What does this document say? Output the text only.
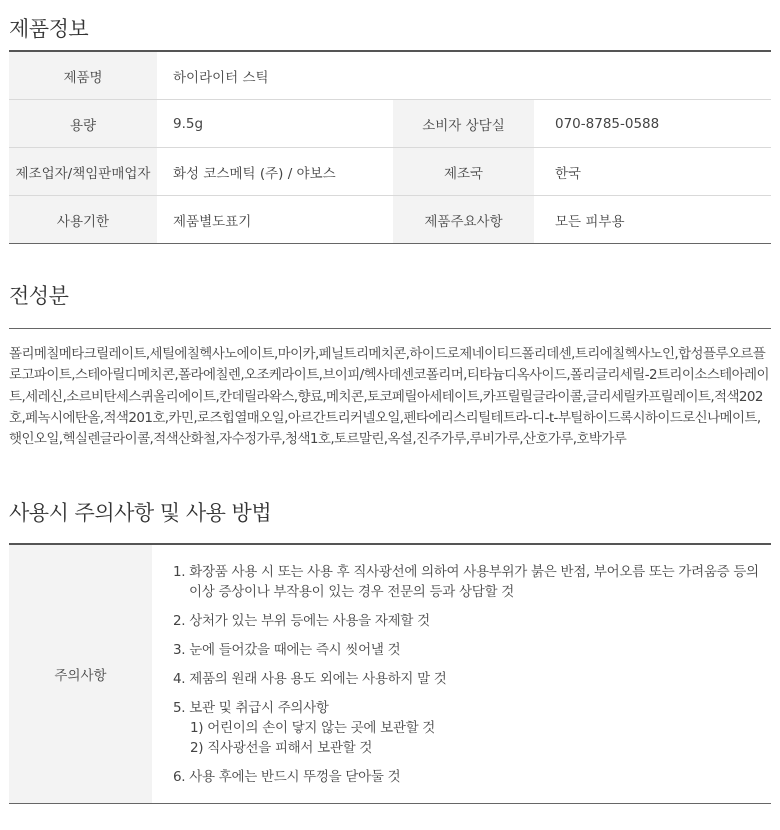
제품정보
제품명	하이라이터 스틱
용량	9.5g	소비자 상담실	070-8785-0588
제조업자/책임판매업자	화성 코스메틱 (주) / 야보스	제조국	한국
사용기한	제품별도표기	제품주요사항	모든 피부용
전성분
폴리메칠메타크릴레이트,세틸에칠헥사노에이트,마이카,페닐트리메치콘,하이드로제네이티드폴리데센,트리에칠헥사노인,합성플루오르플로고파이트,스테아릴디메치콘,폴라에칠렌,오조케라이트,브이피/헥사데센코폴리머,티타늄디옥사이드,폴리글리세릴-2트리이소스테아레이트,세레신,소르비탄세스퀴올리에이트,칸데릴라왁스,향료,메치콘,토코페릴아세테이트,카프릴릴글라이콜,글리세릴카프릴레이트,적색202호,페녹시에탄올,적색201호,카민,로즈힙열매오일,아르간트리커넬오일,펜타에리스리틸테트라-디-t-부틸하이드록시하이드로신나메이트,햇인오일,헥실렌글라이콜,적색산화철,자수정가루,청색1호,토르말린,옥설,진주가루,루비가루,산호가루,호박가루
사용시 주의사항 및 사용 방법
주의사항
1. 화장품 사용 시 또는 사용 후 직사광선에 의하여 사용부위가 붉은 반점, 부어오름 또는 가려움증 등의
이상 증상이나 부작용이 있는 경우 전문의 등과 상담할 것
2. 상처가 있는 부위 등에는 사용을 자제할 것
3. 눈에 들어갔을 때에는 즉시 씻어낼 것
4. 제품의 원래 사용 용도 외에는 사용하지 말 것
5. 보관 및 취급시 주의사항
1) 어린이의 손이 닿지 않는 곳에 보관할 것
2) 직사광선을 피해서 보관할 것
6. 사용 후에는 반드시 뚜껑을 닫아둘 것
